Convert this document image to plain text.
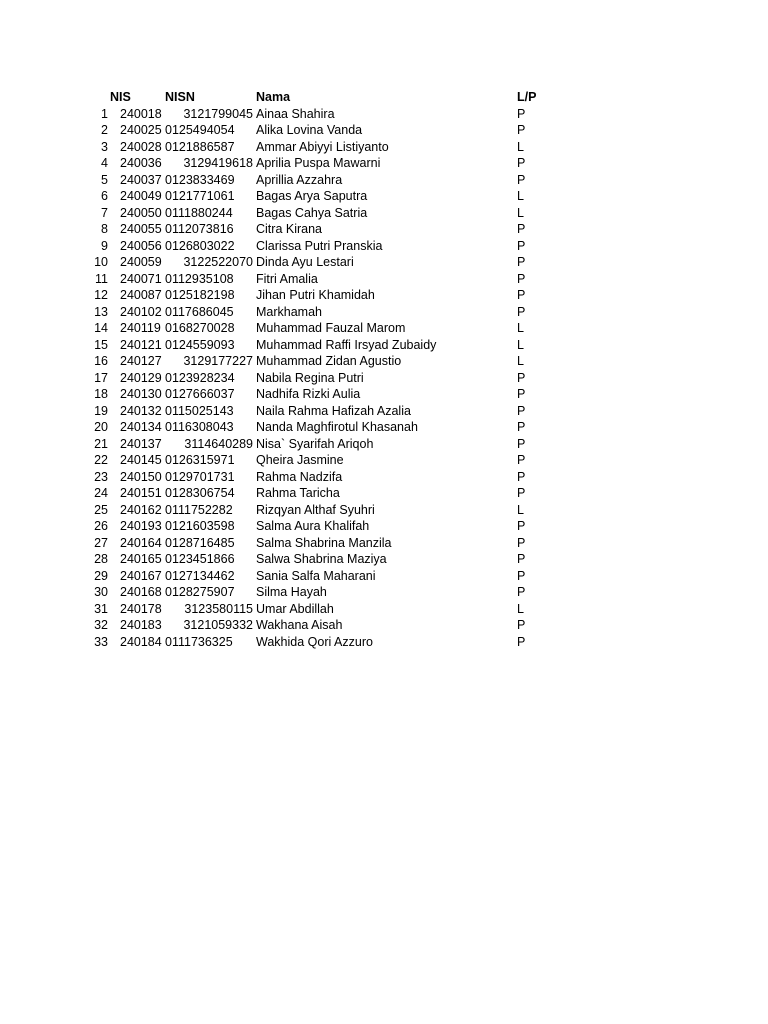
NIS	NISN	Nama	L/P
1 240018 3121799045 Ainaa Shahira	P
2 240025 0125494054 Alika Lovina Vanda	P
3 240028 0121886587 Ammar Abiyyi Listiyanto	L
4 240036 3129419618 Aprilia Puspa Mawarni	P
5 240037 0123833469 Aprillia Azzahra	P
6 240049 0121771061 Bagas Arya Saputra	L
7 240050 0111880244 Bagas Cahya Satria	L
8 240055 0112073816 Citra Kirana	P
9 240056 0126803022 Clarissa Putri Pranskia	P
10 240059 3122522070 Dinda Ayu Lestari	P
11 240071 0112935108 Fitri Amalia	P
12 240087 0125182198 Jihan Putri Khamidah	P
13 240102 0117686045 Markhamah	P
14 240119 0168270028 Muhammad Fauzal Marom	L
15 240121 0124559093 Muhammad Raffi Irsyad Zubaidy	L
16 240127 3129177227 Muhammad Zidan Agustio	L
17 240129 0123928234 Nabila Regina Putri	P
18 240130 0127666037 Nadhifa Rizki Aulia	P
19 240132 0115025143 Naila Rahma Hafizah Azalia	P
20 240134 0116308043 Nanda Maghfirotul Khasanah	P
21 240137 3114640289 Nisa` Syarifah Ariqoh	P
22 240145 0126315971 Qheira Jasmine	P
23 240150 0129701731 Rahma Nadzifa	P
24 240151 0128306754 Rahma Taricha	P
25 240162 0111752282 Rizqyan Althaf Syuhri	L
26 240193 0121603598 Salma Aura Khalifah	P
27 240164 0128716485 Salma Shabrina Manzila	P
28 240165 0123451866 Salwa Shabrina Maziya	P
29 240167 0127134462 Sania Salfa Maharani	P
30 240168 0128275907 Silma Hayah	P
31 240178 3123580115 Umar Abdillah	L
32 240183 3121059332 Wakhana Aisah	P
33 240184 0111736325 Wakhida Qori Azzuro	P
